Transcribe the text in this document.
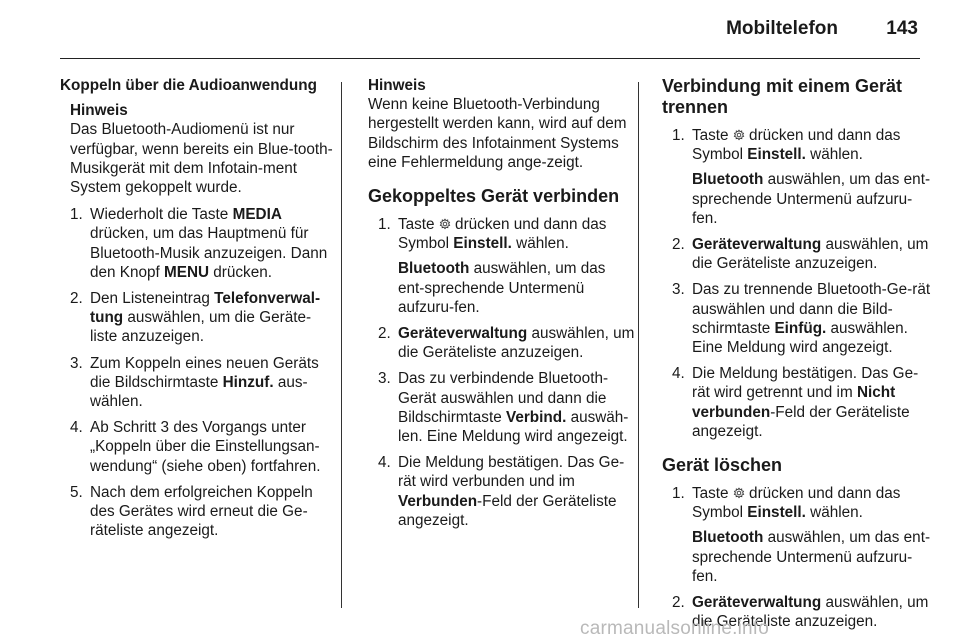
Mobiltelefon	143

Koppeln über die Audioanwendung

Hinweis

Das Bluetooth-Audiomenü ist nur verfügbar, wenn bereits ein Blue-tooth-Musikgerät mit dem Infotain-ment System gekoppelt wurde.

1. Wiederholt die Taste MEDIA drücken, um das Hauptmenü für Bluetooth-Musik anzuzeigen. Dann den Knopf MENU drücken.
2. Den Listeneintrag Telefonverwal-tung auswählen, um die Geräte-liste anzuzeigen.
3. Zum Koppeln eines neuen Geräts die Bildschirmtaste Hinzuf. aus-wählen.
4. Ab Schritt 3 des Vorgangs unter „Koppeln über die Einstellungsan-wendung“ (siehe oben) fortfahren.
5. Nach dem erfolgreichen Koppeln des Gerätes wird erneut die Ge-räteliste angezeigt.

Hinweis

Wenn keine Bluetooth-Verbindung hergestellt werden kann, wird auf dem Bildschirm des Infotainment Systems eine Fehlermeldung ange-zeigt.

Gekoppeltes Gerät verbinden

1. Taste
drücken und dann das Symbol Einstell. wählen.

Bluetooth auswählen, um das ent-sprechende Untermenü aufzuru-fen.

2. Geräteverwaltung auswählen, um die Geräteliste anzuzeigen.
3. Das zu verbindende Bluetooth-Gerät auswählen und dann die Bildschirmtaste Verbind. auswäh-len. Eine Meldung wird angezeigt.
4. Die Meldung bestätigen. Das Ge-rät wird verbunden und im Verbunden-Feld der Geräteliste angezeigt.

Verbindung mit einem Gerät trennen

1. Taste
drücken und dann das Symbol Einstell. wählen.

Bluetooth auswählen, um das ent-sprechende Untermenü aufzuru-fen.

2. Geräteverwaltung auswählen, um die Geräteliste anzuzeigen.
3. Das zu trennende Bluetooth-Ge-rät auswählen und dann die Bild-schirmtaste Einfüg. auswählen. Eine Meldung wird angezeigt.
4. Die Meldung bestätigen. Das Ge-rät wird getrennt und im Nicht verbunden-Feld der Geräteliste angezeigt.

Gerät löschen

1. Taste
drücken und dann das Symbol Einstell. wählen.

Bluetooth auswählen, um das ent-sprechende Untermenü aufzuru-fen.

2. Geräteverwaltung auswählen, um die Geräteliste anzuzeigen.
carmanualsonline.info
